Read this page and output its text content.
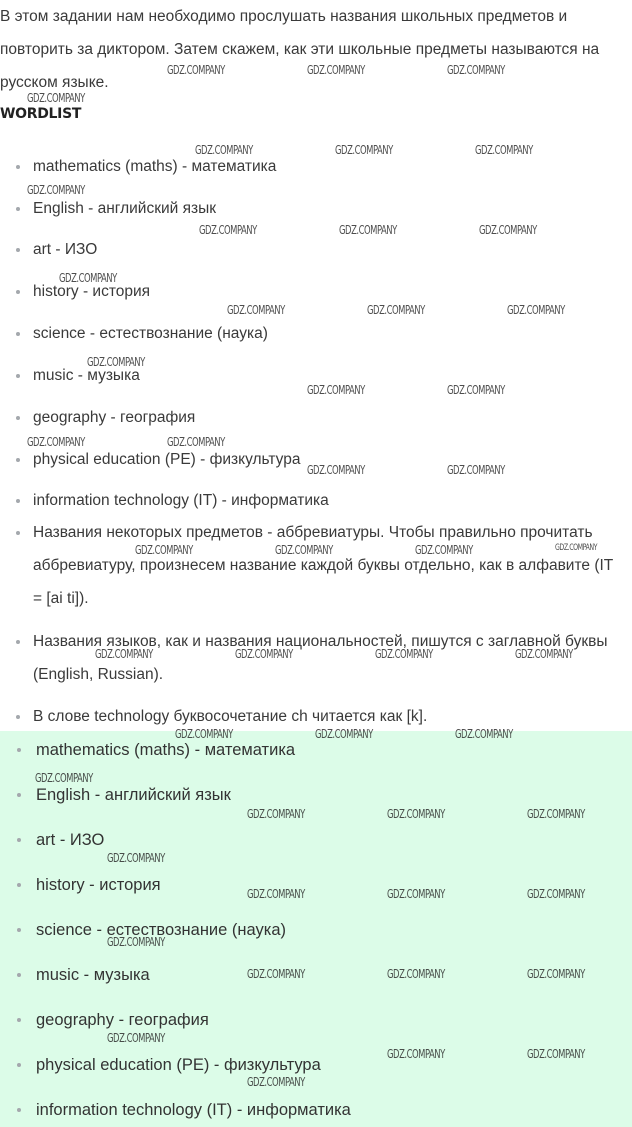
В этом задании нам необходимо прослушать названия школьных предметов и повторить за диктором. Затем скажем, как эти школьные предметы называются на русском языке.

WORDLIST
mathematics (maths) - математика
English - английский язык
art - ИЗО
history - история
science - естествознание (наука)
music - музыка
geography - география
physical education (PE) - физкультура
information technology (IT) - информатика
Названия некоторых предметов - аббревиатуры. Чтобы правильно прочитать аббревиатуру, произнесем название каждой буквы отдельно, как в алфавите (IT = [ai ti]).
Названия языков, как и названия национальностей, пишутся с заглавной буквы (English, Russian).
В слове technology буквосочетание ch читается как [k].
mathematics (maths) - математика
English - английский язык
art - ИЗО
history - история
science - естествознание (наука)
music - музыка
geography - география
physical education (PE) - физкультура
information technology (IT) - информатика
GDZ.COMPANY	GDZ.COMPANY	GDZ.COMPANY
GDZ.COMPANY
GDZ.COMPANY	GDZ.COMPANY	GDZ.COMPANY
GDZ.COMPANY
GDZ.COMPANY	GDZ.COMPANY	GDZ.COMPANY
GDZ.COMPANY
GDZ.COMPANY	GDZ.COMPANY	GDZ.COMPANY
GDZ.COMPANY
GDZ.COMPANY	GDZ.COMPANY
GDZ.COMPANY	GDZ.COMPANY
GDZ.COMPANY	GDZ.COMPANY
GDZ.COMPANY	GDZ.COMPANY	GDZ.COMPANY	GDZ.COMPANY
GDZ.COMPANY	GDZ.COMPANY	GDZ.COMPANY	GDZ.COMPANY
GDZ.COMPANY	GDZ.COMPANY	GDZ.COMPANY
GDZ.COMPANY
GDZ.COMPANY	GDZ.COMPANY	GDZ.COMPANY
GDZ.COMPANY
GDZ.COMPANY	GDZ.COMPANY	GDZ.COMPANY
GDZ.COMPANY
GDZ.COMPANY	GDZ.COMPANY	GDZ.COMPANY
GDZ.COMPANY
GDZ.COMPANY	GDZ.COMPANY
GDZ.COMPANY
